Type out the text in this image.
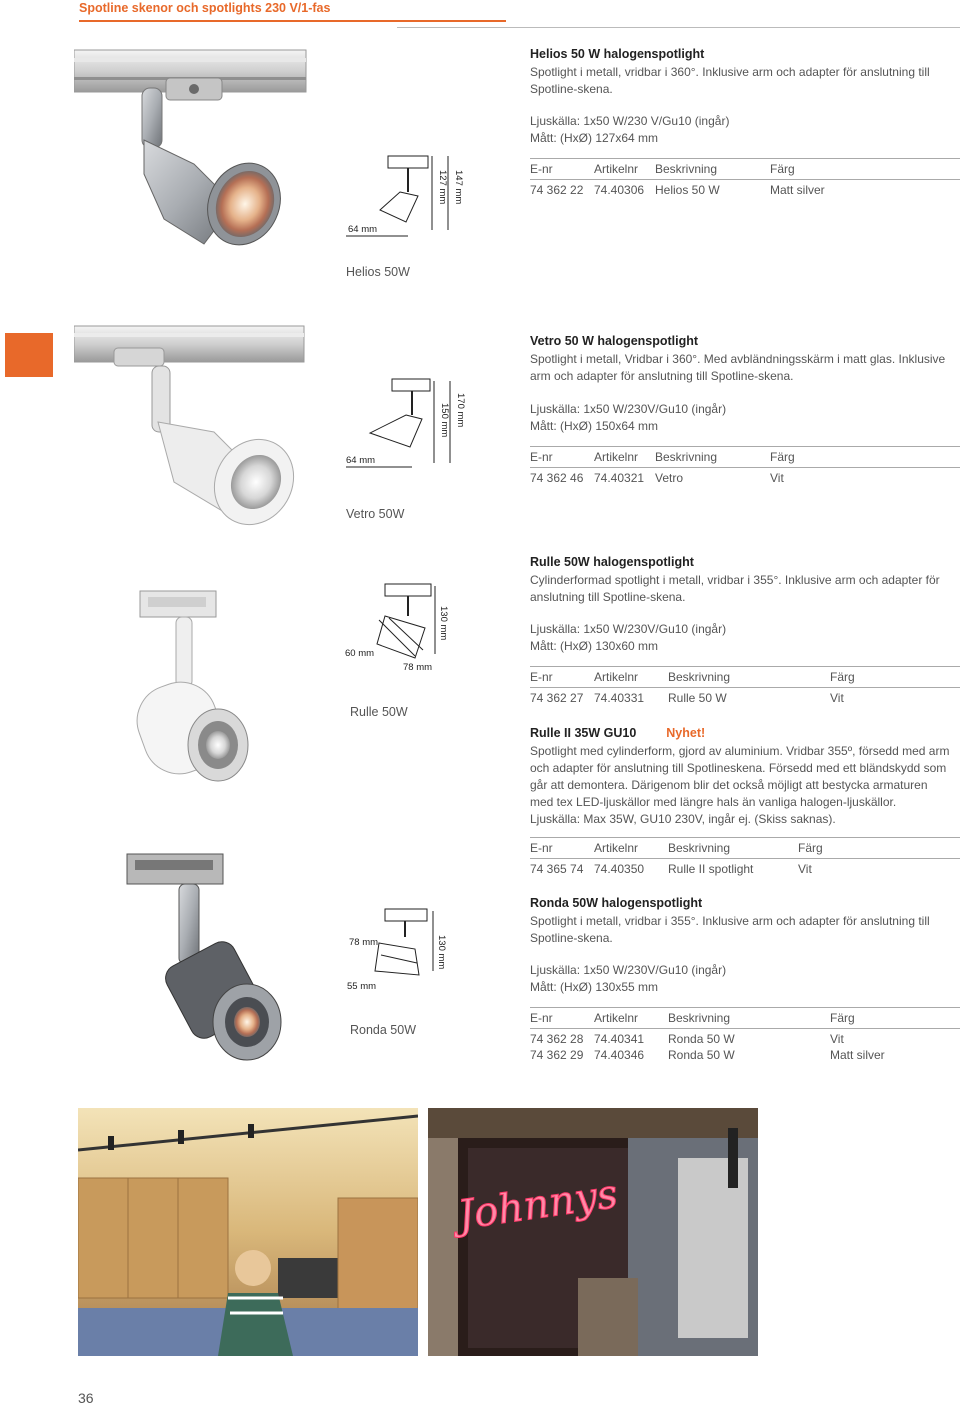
Spotline skenor och spotlights 230 V/1-fas
64 mm
127 mm 147 mm
Helios 50W
Helios 50 W halogenspotlight
Spotlight i metall, vridbar i 360°. Inklusive arm och adapter för anslutning till
Spotline-skena.
Ljuskälla: 1x50 W/230 V/Gu10 (ingår)
Mått: (HxØ) 127x64 mm
E-nr	Artikelnr Beskrivning	Färg
74 362 22 74.40306 Helios 50 W	Matt silver
64 mm
150 mm 170 mm
Vetro 50W
Vetro 50 W halogenspotlight
Spotlight i metall, Vridbar i 360°. Med avbländningsskärm i matt glas. Inklusive
arm och adapter för anslutning till Spotline-skena.
Ljuskälla: 1x50 W/230V/Gu10 (ingår)
Mått: (HxØ) 150x64 mm
E-nr	Artikelnr Beskrivning	Färg
74 362 46 74.40321 Vetro	Vit
60 mm
78 mm
130 mm
Rulle 50W
Rulle 50W halogenspotlight
Cylinderformad spotlight i metall, vridbar i 355°. Inklusive arm och adapter för
anslutning till Spotline-skena.
Ljuskälla: 1x50 W/230V/Gu10 (ingår)
Mått: (HxØ) 130x60 mm
E-nr	Artikelnr Beskrivning	Färg
74 362 27 74.40331 Rulle 50 W	Vit
Rulle II 35W GU10 Nyhet!
Spotlight med cylinderform, gjord av aluminium. Vridbar 355º, försedd med arm
och adapter för anslutning till Spotlineskena. Försedd med ett bländskydd som
går att demontera. Därigenom blir det också möjligt att bestycka armaturen
med tex LED-ljuskällor med längre hals än vanliga halogen-ljuskällor.
Ljuskälla: Max 35W, GU10 230V, ingår ej. (Skiss saknas).
E-nr	Artikelnr Beskrivning	Färg
74 365 74 74.40350 Rulle II spotlight	Vit
78 mm
55 mm
130 mm
Ronda 50W
Ronda 50W halogenspotlight
Spotlight i metall, vridbar i 355°. Inklusive arm och adapter för anslutning till
Spotline-skena.
Ljuskälla: 1x50 W/230V/Gu10 (ingår)
Mått: (HxØ) 130x55 mm
E-nr	Artikelnr Beskrivning	Färg
74 362 28 74.40341 Ronda 50 W	Vit
74 362 29 74.40346 Ronda 50 W	Matt silver
Johnnys
36
